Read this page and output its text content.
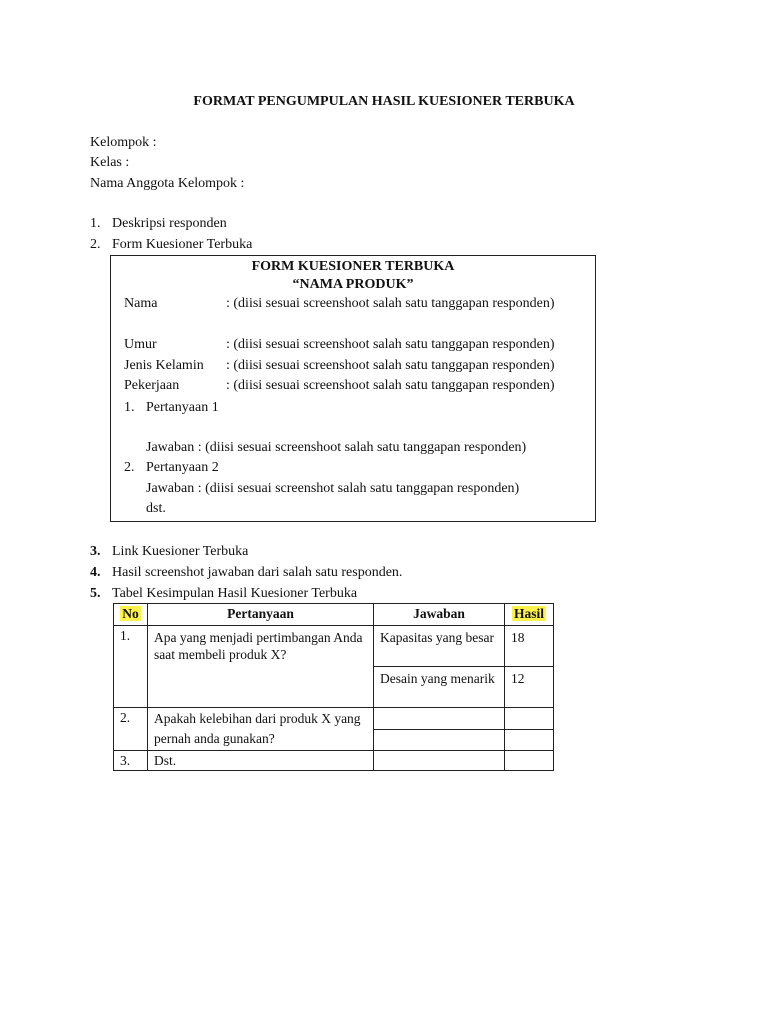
FORMAT PENGUMPULAN HASIL KUESIONER TERBUKA
Kelompok :
Kelas :
Nama Anggota Kelompok :
1. Deskripsi responden
2. Form Kuesioner Terbuka
FORM KUESIONER TERBUKA
“NAMA PRODUK”
Nama	: (diisi sesuai screenshoot salah satu tanggapan responden)
Umur	: (diisi sesuai screenshoot salah satu tanggapan responden)
Jenis Kelamin : (diisi sesuai screenshoot salah satu tanggapan responden)
Pekerjaan	: (diisi sesuai screenshoot salah satu tanggapan responden)
1. Pertanyaan 1
Jawaban : (diisi sesuai screenshoot salah satu tanggapan responden)
2. Pertanyaan 2
Jawaban : (diisi sesuai screenshot salah satu tanggapan responden)
dst.
3. Link Kuesioner Terbuka
4. Hasil screenshot jawaban dari salah satu responden.
5. Tabel Kesimpulan Hasil Kuesioner Terbuka
No	Pertanyaan	Jawaban	Hasil
1.	Apa yang menjadi pertimbangan Anda saat membeli produk X?	Kapasitas yang besar	18
		Desain yang menarik	12
2.	Apakah kelebihan dari produk X yang pernah anda gunakan?		

3.	Dst.		
